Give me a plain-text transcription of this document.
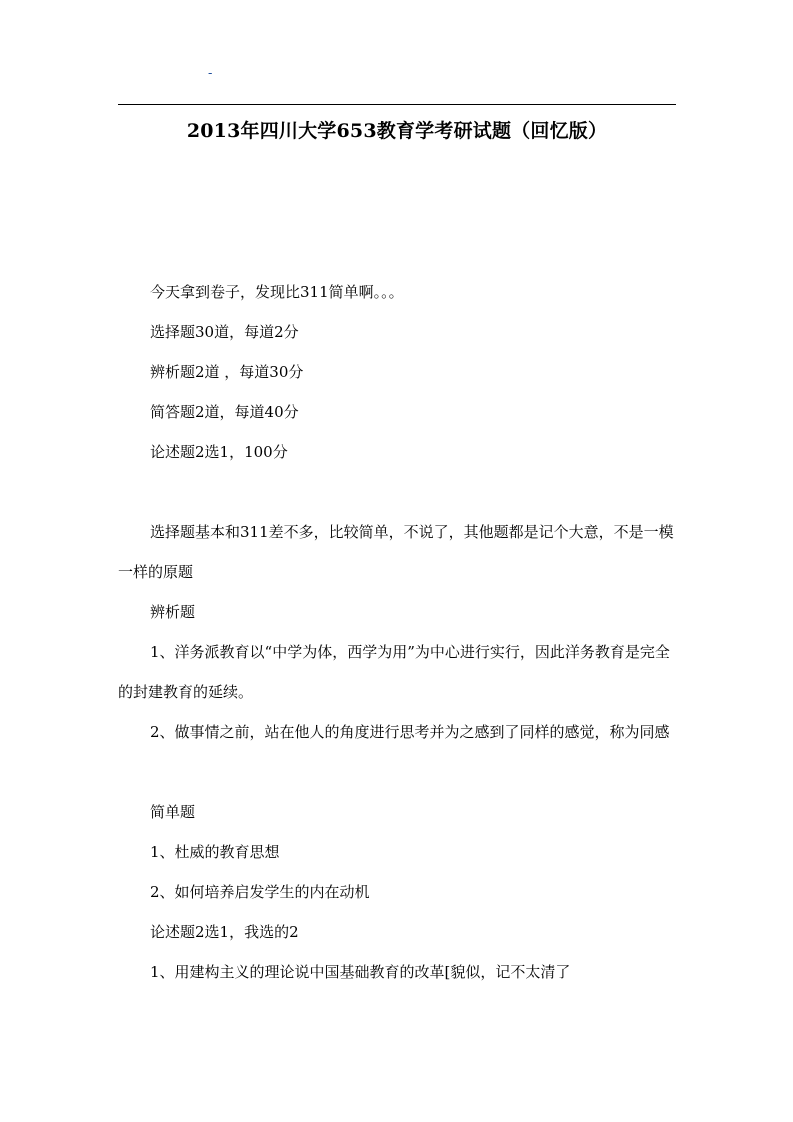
-
2013年四川大学653教育学考研试题（回忆版）

今天拿到卷子，发现比311简单啊。。。

选择题30道，每道2分

辨析题2道 ，每道30分

简答题2道，每道40分

论述题2选1，100分

选择题基本和311差不多，比较简单，不说了，其他题都是记个大意，不是一模一样的原题

辨析题

1、洋务派教育以“中学为体，西学为用”为中心进行实行，因此洋务教育是完全的封建教育的延续。

2、做事情之前，站在他人的角度进行思考并为之感到了同样的感觉，称为同感

简单题

1、杜威的教育思想

2、如何培养启发学生的内在动机

论述题2选1，我选的2

1、用建构主义的理论说中国基础教育的改革[貌似，记不太清了
